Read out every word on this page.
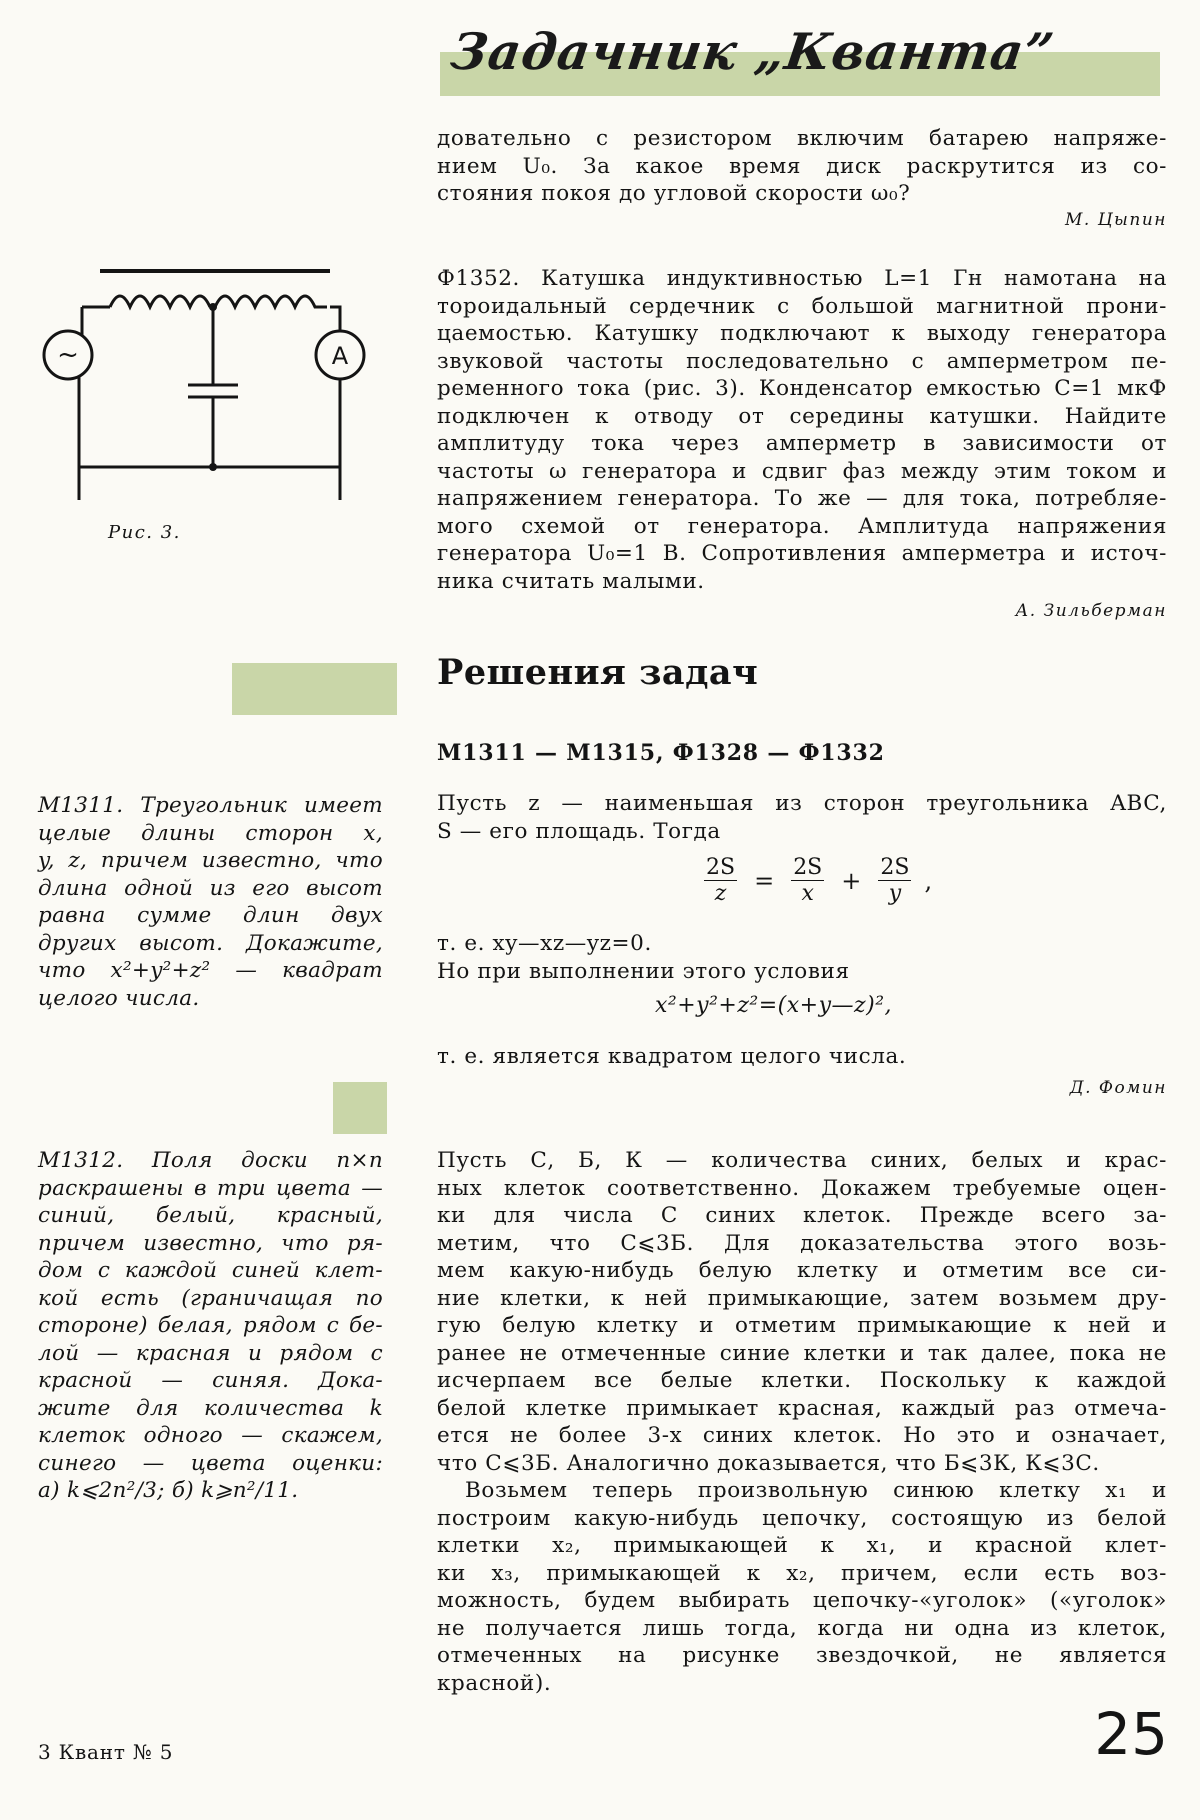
Задачник „Кванта”

довательно с резистором включим батарею напряже-

нием U₀. За какое время диск раскрутится из со-

стояния покоя до угловой скорости ω₀?

М. Цыпин
~	A
Рис. 3.

Ф1352. Катушка индуктивностью L=1 Гн намотана на

тороидальный сердечник с большой магнитной прони-

цаемостью. Катушку подключают к выходу генератора

звуковой частоты последовательно с амперметром пе-

ременного тока (рис. 3). Конденсатор емкостью C=1 мкФ

подключен к отводу от середины катушки. Найдите

амплитуду тока через амперметр в зависимости от

частоты ω генератора и сдвиг фаз между этим током и

напряжением генератора. То же — для тока, потребляе-

мого схемой от генератора. Амплитуда напряжения

генератора U₀=1 В. Сопротивления амперметра и источ-

ника считать малыми.

А. Зильберман
Решения задач
М1311 — М1315, Ф1328 — Ф1332
М1311. Треугольник имеет
целые длины сторон x,
y, z, причем известно, что
длина одной из его высот
равна сумме длин двух
других высот. Докажите,
что x²+y²+z² — квадрат
целого числа.

Пусть z — наименьшая из сторон треугольника ABC,

S — его площадь. Тогда

$\frac{2S}{z} = \frac{2S}{x} + \frac{2S}{y}$ ,
т. е. xy—xz—yz=0.
Но при выполнении этого условия
x²+y²+z²=(x+y—z)²,
т. е. является квадратом целого числа.
Д. Фомин
М1312. Поля доски n×n
раскрашены в три цвета —
синий, белый, красный,
причем известно, что ря-
дом с каждой синей клет-
кой есть (граничащая по
стороне) белая, рядом с бе-
лой — красная и рядом с
красной — синяя. Дока-
жите для количества k
клеток одного — скажем,
синего — цвета оценки:
а) k⩽2n²/3; б) k⩾n²/11.

Пусть С, Б, К — количества синих, белых и крас-

ных клеток соответственно. Докажем требуемые оцен-

ки для числа С синих клеток. Прежде всего за-

метим, что С⩽3Б. Для доказательства этого возь-

мем какую-нибудь белую клетку и отметим все си-

ние клетки, к ней примыкающие, затем возьмем дру-

гую белую клетку и отметим примыкающие к ней и

ранее не отмеченные синие клетки и так далее, пока не

исчерпаем все белые клетки. Поскольку к каждой

белой клетке примыкает красная, каждый раз отмеча-

ется не более 3-х синих клеток. Но это и означает,

что С⩽3Б. Аналогично доказывается, что Б⩽3К, К⩽3С.

Возьмем теперь произвольную синюю клетку x₁ и

построим какую-нибудь цепочку, состоящую из белой

клетки x₂, примыкающей к x₁, и красной клет-

ки x₃, примыкающей к x₂, причем, если есть воз-

можность, будем выбирать цепочку-«уголок» («уголок»

не получается лишь тогда, когда ни одна из клеток,

отмеченных на рисунке звездочкой, не является

красной).

3 Квант № 5	25
